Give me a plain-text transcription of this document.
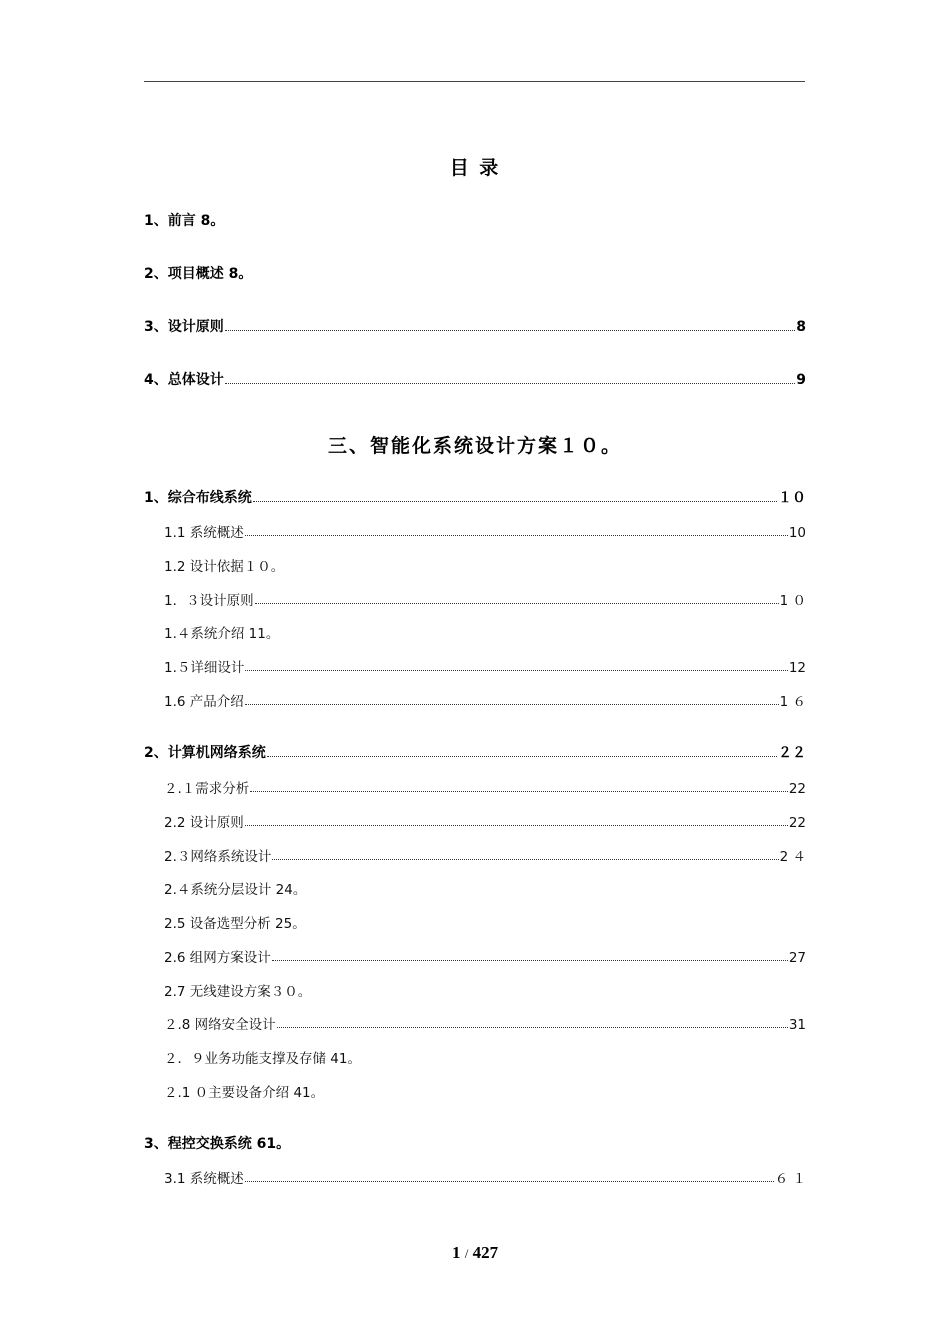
目 录
1、前言 8。
2、项目概述 8。
3、设计原则	8
4、总体设计	9
三、智能化系统设计方案１０。
1、综合布线系统	１０
1.1 系统概述	10
1.2 设计依据１０。
1．３设计原则	1 ０
1.４系统介绍 11。
1.５详细设计	12
1.6 产品介绍	1 ６
2、计算机网络系统	２２
２.１需求分析	22
2.2 设计原则	22
2.３网络系统设计	2 ４
2.４系统分层设计 24。
2.5 设备选型分析 25。
2.6 组网方案设计	27
2.7 无线建设方案３０。
２.8 网络安全设计	31
２．９业务功能支撑及存储 41。
２.1 ０主要设备介绍 41。
3、程控交换系统 61。
3.1 系统概述	６ １
1 / 427
